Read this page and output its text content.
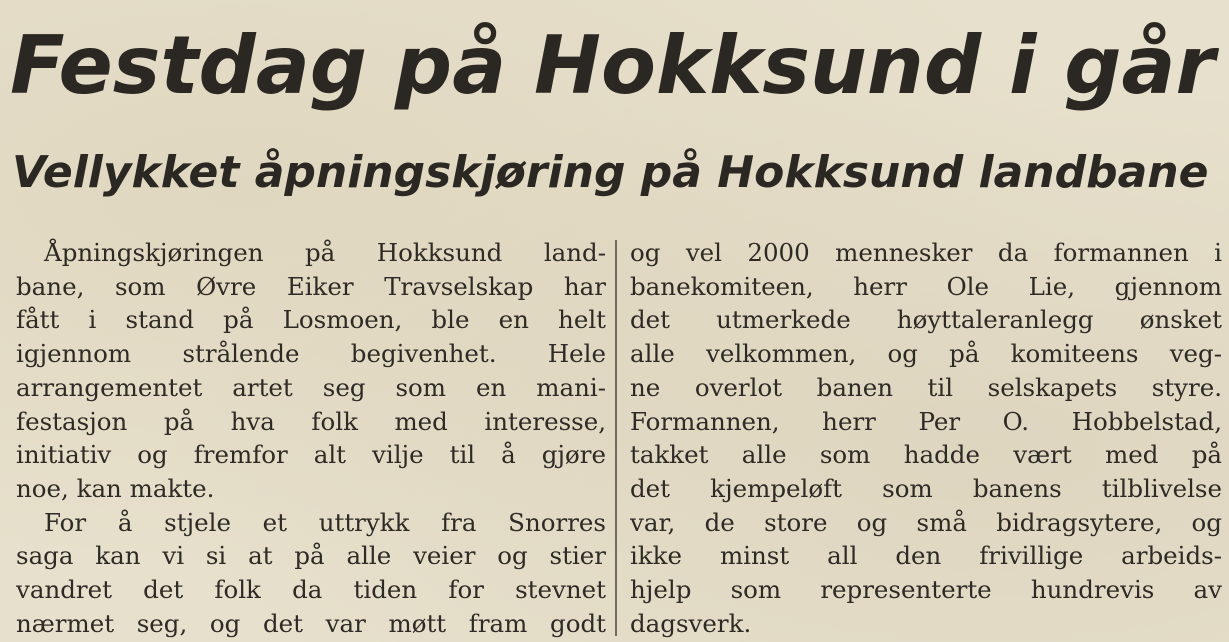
Festdag på Hokksund i går
Vellykket åpningskjøring på Hokksund landbane
Åpningskjøringen på Hokksund land-
bane, som Øvre Eiker Travselskap har
fått i stand på Losmoen, ble en helt
igjennom strålende begivenhet. Hele
arrangementet artet seg som en mani-
festasjon på hva folk med interesse,
initiativ og fremfor alt vilje til å gjøre
noe, kan makte.
For å stjele et uttrykk fra Snorres
saga kan vi si at på alle veier og stier
vandret det folk da tiden for stevnet
nærmet seg, og det var møtt fram godt
og vel 2000 mennesker da formannen i
banekomiteen, herr Ole Lie, gjennom
det utmerkede høyttaleranlegg ønsket
alle velkommen, og på komiteens veg-
ne overlot banen til selskapets styre.
Formannen, herr Per O. Hobbelstad,
takket alle som hadde vært med på
det kjempeløft som banens tilblivelse
var, de store og små bidragsytere, og
ikke minst all den frivillige arbeids-
hjelp som representerte hundrevis av
dagsverk.
